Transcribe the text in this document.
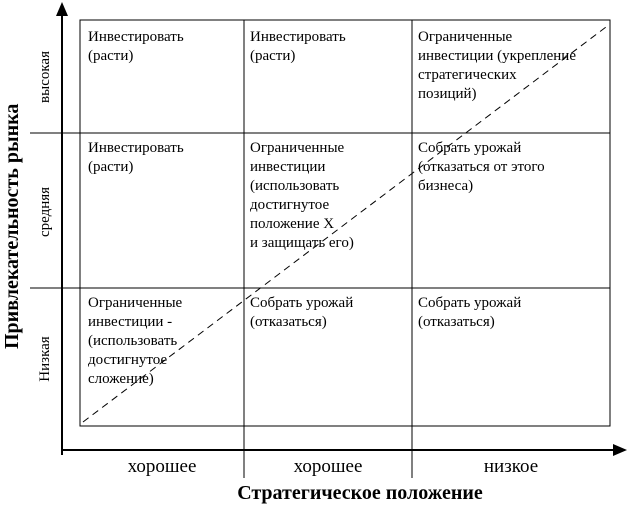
Привлекательность рынка
высокая
средняя
Низкая
Инвестировать
(расти)
Инвестировать
(расти)
Ограниченные
инвестиции (укрепление
стратегических
позиций)
Инвестировать
(расти)
Ограниченные
инвестиции
(использовать
достигнутое
положение X
и защищать его)
Собрать урожай
(отказаться от этого
бизнеса)
Ограниченные
инвестиции -
(использовать
достигнутое
сложение)
Собрать урожай
(отказаться)
Собрать урожай
(отказаться)
хорошее	хорошее	низкое
Стратегическое положение
